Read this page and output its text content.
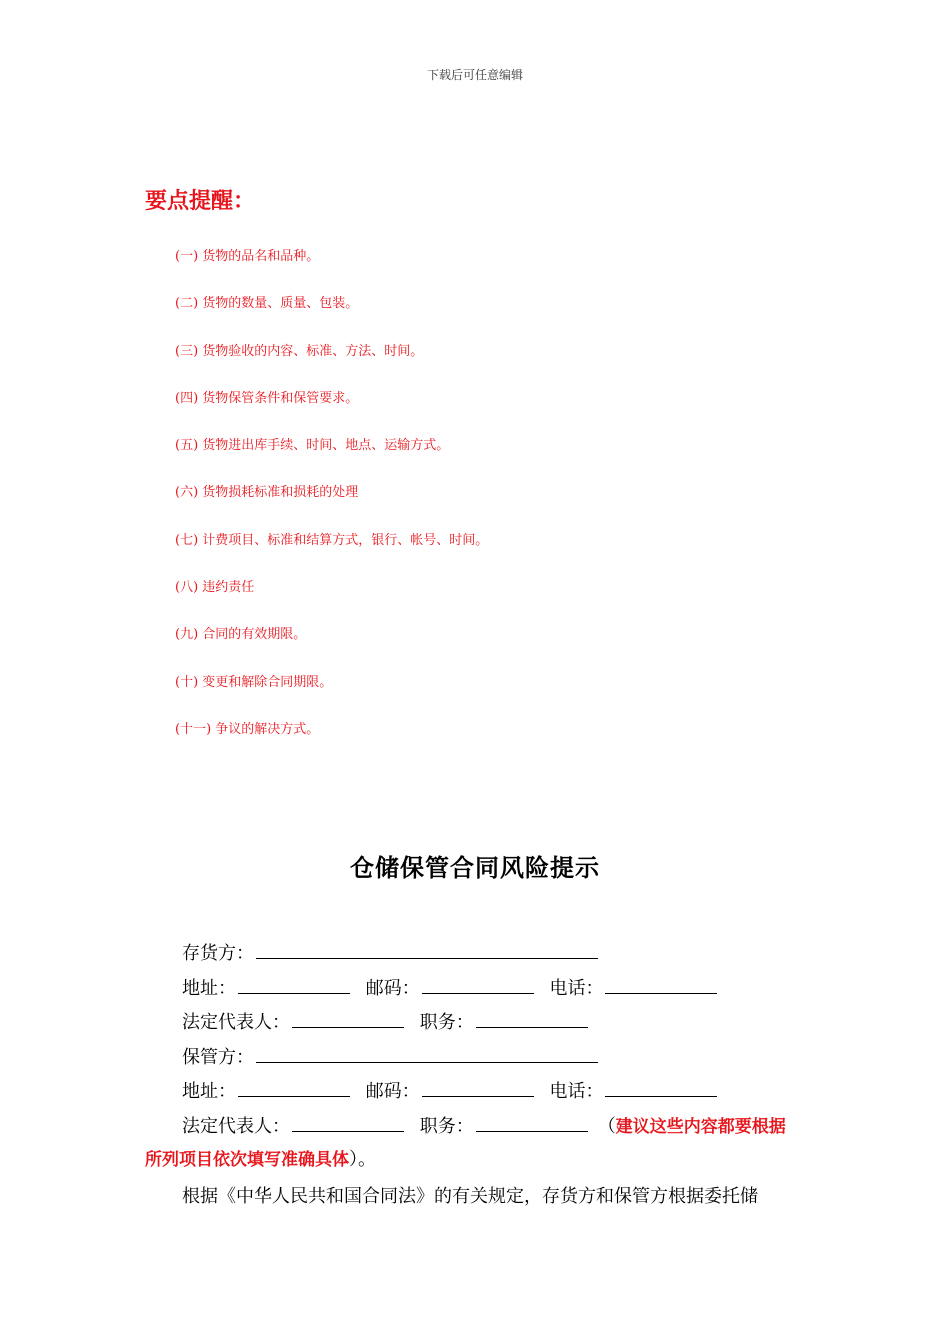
下载后可任意编辑
要点提醒：
(一) 货物的品名和品种。
(二) 货物的数量、质量、包装。
(三) 货物验收的内容、标准、方法、时间。
(四) 货物保管条件和保管要求。
(五) 货物进出库手续、时间、地点、运输方式。
(六) 货物损耗标准和损耗的处理
(七) 计费项目、标准和结算方式，银行、帐号、时间。
(八) 违约责任
(九) 合同的有效期限。
(十) 变更和解除合同期限。
(十一) 争议的解决方式。
仓储保管合同风险提示
存货方：
地址：	邮码：	电话：
法定代表人：	职务：
保管方：
地址：	邮码：	电话：
法定代表人：	职务：	（建议这些内容都要根据
所列项目依次填写准确具体）。
根据《中华人民共和国合同法》的有关规定，存货方和保管方根据委托储
